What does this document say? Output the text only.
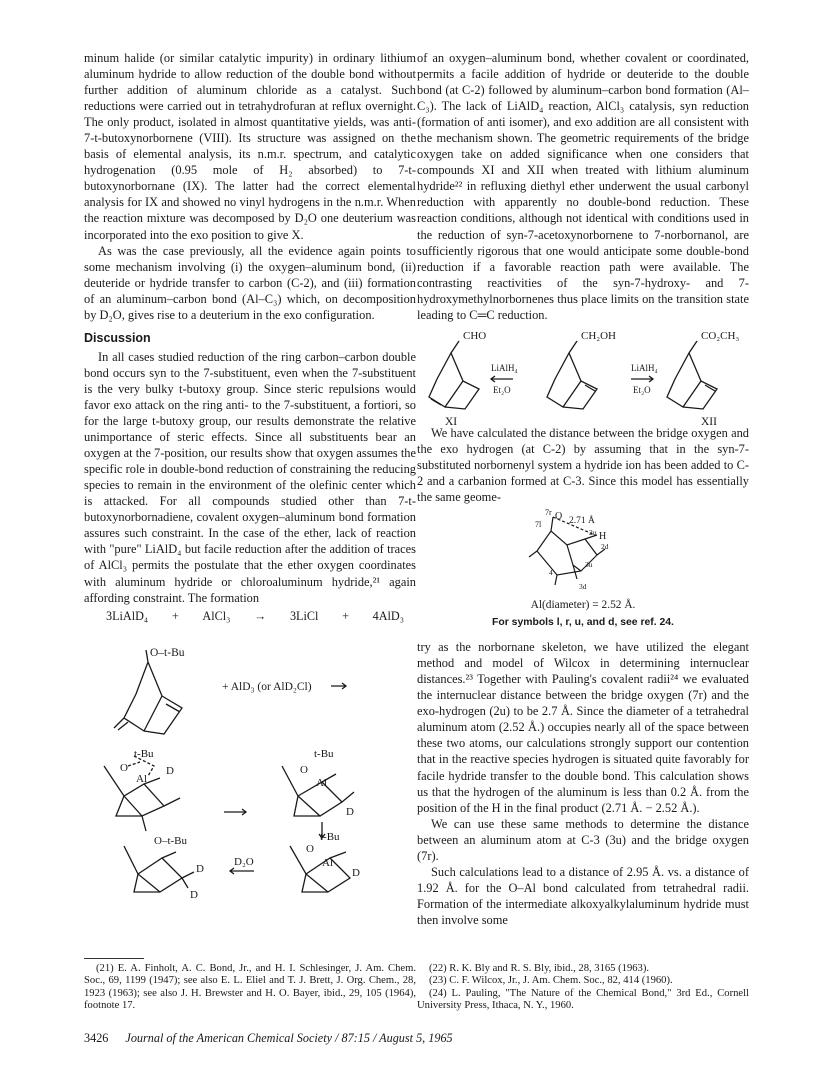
minum halide (or similar catalytic impurity) in ordinary lithium aluminum hydride to allow reduction of the double bond without further addition of aluminum chloride as a catalyst. Such reductions were carried out in tetrahydrofuran at reflux overnight. The only product, isolated in almost quantitative yields, was anti-7-t-butoxynorbornene (VIII). Its structure was assigned on the basis of elemental analysis, its n.m.r. spectrum, and catalytic hydrogenation (0.95 mole of H₂ absorbed) to 7-t-butoxynorbornane (IX). The latter had the correct elemental analysis for IX and showed no vinyl hydrogens in the n.m.r. When the reaction mixture was decomposed by D₂O one deuterium was incorporated into the exo position to give X.

As was the case previously, all the evidence again points to some mechanism involving (i) the oxygen–aluminum bond, (ii) deuteride or hydride transfer to carbon (C-2), and (iii) formation of an aluminum–carbon bond (Al–C₃) which, on decomposition by D₂O, gives rise to a deuterium in the exo configuration.

Discussion

In all cases studied reduction of the ring carbon–carbon double bond occurs syn to the 7-substituent, even when the 7-substituent is the very bulky t-butoxy group. Since steric repulsions would favor exo attack on the ring anti- to the 7-substituent, a fortiori, so for the large t-butoxy group, our results demonstrate the relative unimportance of steric effects. Since all substituents bear an oxygen at the 7-position, our results show that oxygen assumes the specific role in double-bond reduction of constraining the reducing species to remain in the environment of the olefinic center which is attacked. For all compounds studied other than 7-t-butoxynorbornadiene, covalent oxygen–aluminum bond formation assures such constraint. In the case of the ether, lack of reaction with "pure" LiAlD₄ but facile reduction after the addition of traces of AlCl₃ permits the postulate that the ether oxygen coordinates with aluminum hydride or chloroaluminum hydride,²¹ again affording constraint. The formation

3LiAlD₄ + AlCl₃ → 3LiCl + 4AlD₃
O–t-Bu
+ AlD₃ (or AlD₂Cl)
t-Bu
O
Al
D
t-Bu
O
Al
D
t-Bu
O
Al
D
D₂O
O–t-Bu
D
D

of an oxygen–aluminum bond, whether covalent or coordinated, permits a facile addition of hydride or deuteride to the double bond (at C-2) followed by aluminum–carbon bond formation (Al–C₃). The lack of LiAlD₄ reaction, AlCl₃ catalysis, syn reduction (formation of anti isomer), and exo addition are all consistent with the mechanism shown. The geometric requirements of the bridge oxygen take on added significance when one considers that compounds XI and XII when treated with lithium aluminum hydride²² in refluxing diethyl ether underwent the usual carbonyl reduction with apparently no double-bond reduction. These reaction conditions, although not identical with conditions used in the reduction of syn-7-acetoxynorbornene to 7-norbornanol, are sufficiently rigorous that one would anticipate some double-bond reduction if a favorable reaction path were available. The contrasting reactivities of the syn-7-hydroxy- and 7-hydroxymethylnorbornenes thus place limits on the transition state leading to C═C reduction.

CHO	CH₂OH	CO₂CH₃
LiAlH₄
Et₂O
LiAlH₄
Et₂O
XI	XII

We have calculated the distance between the bridge oxygen and the exo hydrogen (at C-2) by assuming that in the syn-7-substituted norbornenyl system a hydride ion has been added to C-2 and a carbanion formed at C-3. Since this model has essentially the same geome-

2.71 Å
7r
7l
O
H
2u
2d
3u
3d
4

Al(diameter) = 2.52 Å.

For symbols l, r, u, and d, see ref. 24.

try as the norbornane skeleton, we have utilized the elegant method and model of Wilcox in determining internuclear distances.²³ Together with Pauling's covalent radii²⁴ we evaluated the internuclear distance between the bridge oxygen (7r) and the exo-hydrogen (2u) to be 2.7 Å. Since the diameter of a tetrahedral aluminum atom (2.52 Å.) occupies nearly all of the space between these two atoms, our calculations strongly support our contention that in the reactive species hydrogen is situated quite favorably for facile hydride transfer to the double bond. This calculation shows us that the hydrogen of the aluminum is less than 0.2 Å. from the position of the H in the final product (2.71 Å. − 2.52 Å.).

We can use these same methods to determine the distance between an aluminum atom at C-3 (3u) and the bridge oxygen (7r).

Such calculations lead to a distance of 2.95 Å. vs. a distance of 1.92 Å. for the O–Al bond calculated from tetrahedral radii. Formation of the intermediate alkoxyalkylaluminum hydride must then involve some

(21) E. A. Finholt, A. C. Bond, Jr., and H. I. Schlesinger, J. Am. Chem. Soc., 69, 1199 (1947); see also E. L. Eliel and T. J. Brett, J. Org. Chem., 28, 1923 (1963); see also J. H. Brewster and H. O. Bayer, ibid., 29, 105 (1964), footnote 17.

(22) R. K. Bly and R. S. Bly, ibid., 28, 3165 (1963).

(23) C. F. Wilcox, Jr., J. Am. Chem. Soc., 82, 414 (1960).

(24) L. Pauling, "The Nature of the Chemical Bond," 3rd Ed., Cornell University Press, Ithaca, N. Y., 1960.

3426 Journal of the American Chemical Society / 87:15 / August 5, 1965
